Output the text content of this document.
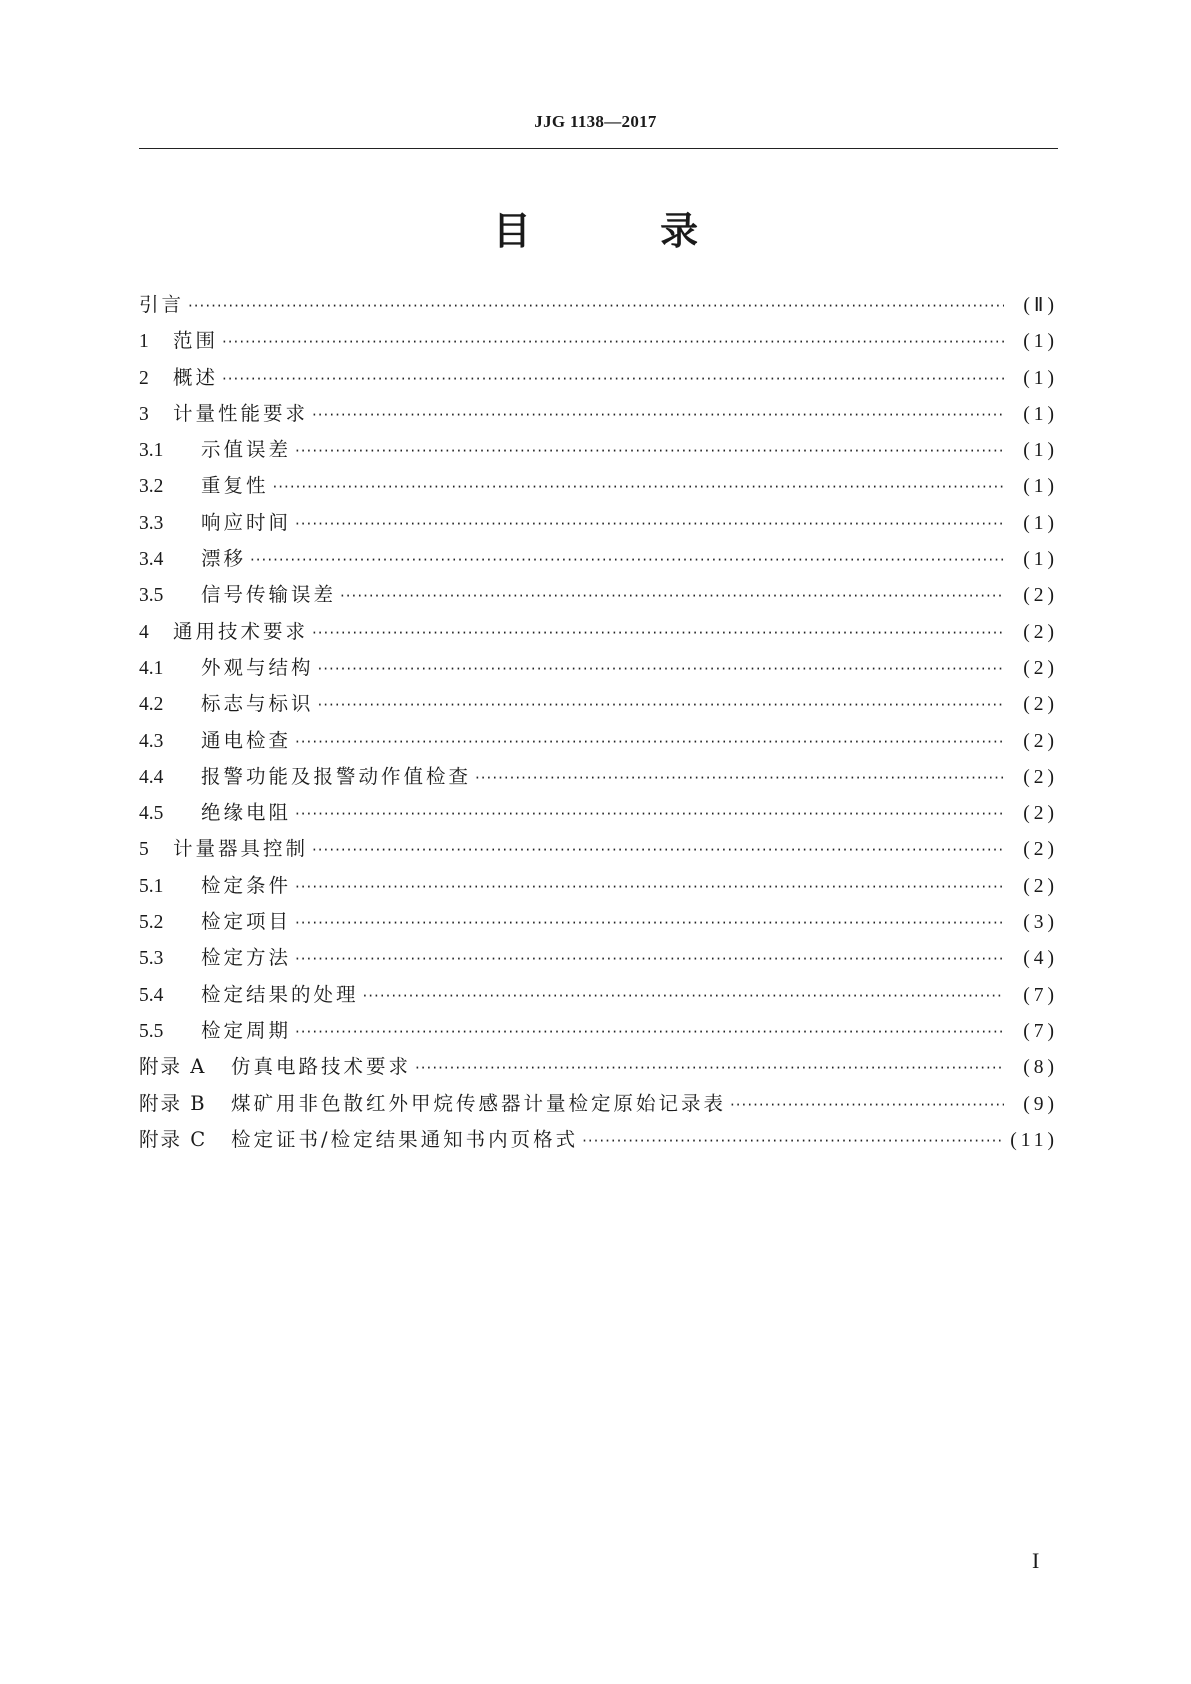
JJG 1138—2017
目 录
引言 ·····	(Ⅱ)
1	范围 ·····	(1)
2	概述 ·····	(1)
3	计量性能要求 ·····	(1)
3.1	示值误差 ·····	(1)
3.2	重复性 ·····	(1)
3.3	响应时间 ·····	(1)
3.4	漂移 ·····	(1)
3.5	信号传输误差 ·····	(2)
4	通用技术要求 ·····	(2)
4.1	外观与结构 ·····	(2)
4.2	标志与标识 ·····	(2)
4.3	通电检查 ·····	(2)
4.4	报警功能及报警动作值检查 ·····	(2)
4.5	绝缘电阻 ·····	(2)
5	计量器具控制 ·····	(2)
5.1	检定条件 ·····	(2)
5.2	检定项目 ·····	(3)
5.3	检定方法 ·····	(4)
5.4	检定结果的处理 ·····	(7)
5.5	检定周期 ·····	(7)
附录 A	仿真电路技术要求 ·····	(8)
附录 B	煤矿用非色散红外甲烷传感器计量检定原始记录表 ·····	(9)
附录 C	检定证书/检定结果通知书内页格式 ·····	(11)
I
